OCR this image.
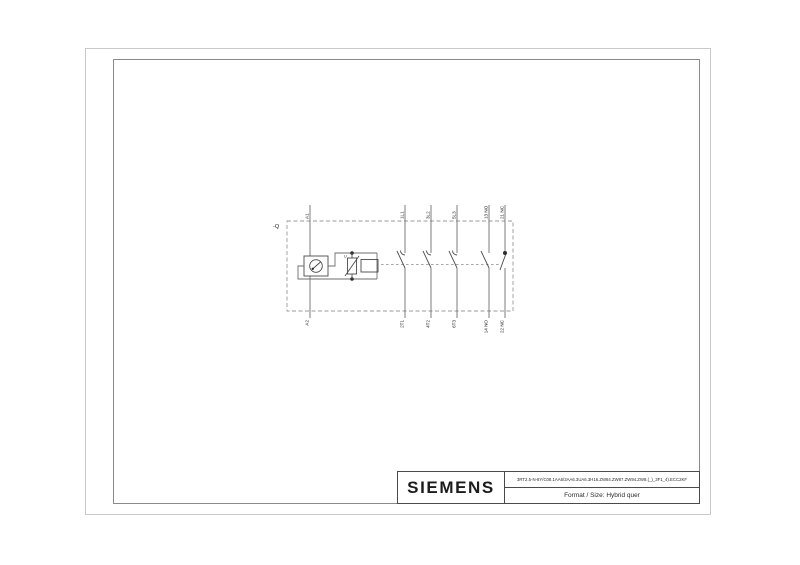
-Q
U
A1	1L1	3L2	5L3	13 NO 21 NC
A2	2T1	4T2	6T3	14 NO 22 NC
SIEMENS	3RT2.5-N-8Y/C08.1AA6/3AA6.3UA6.3H16.ZW84.ZW87.ZW94.ZW8.(_)_3F1_4).ECC2KF
Format / Size: Hybrid quer
